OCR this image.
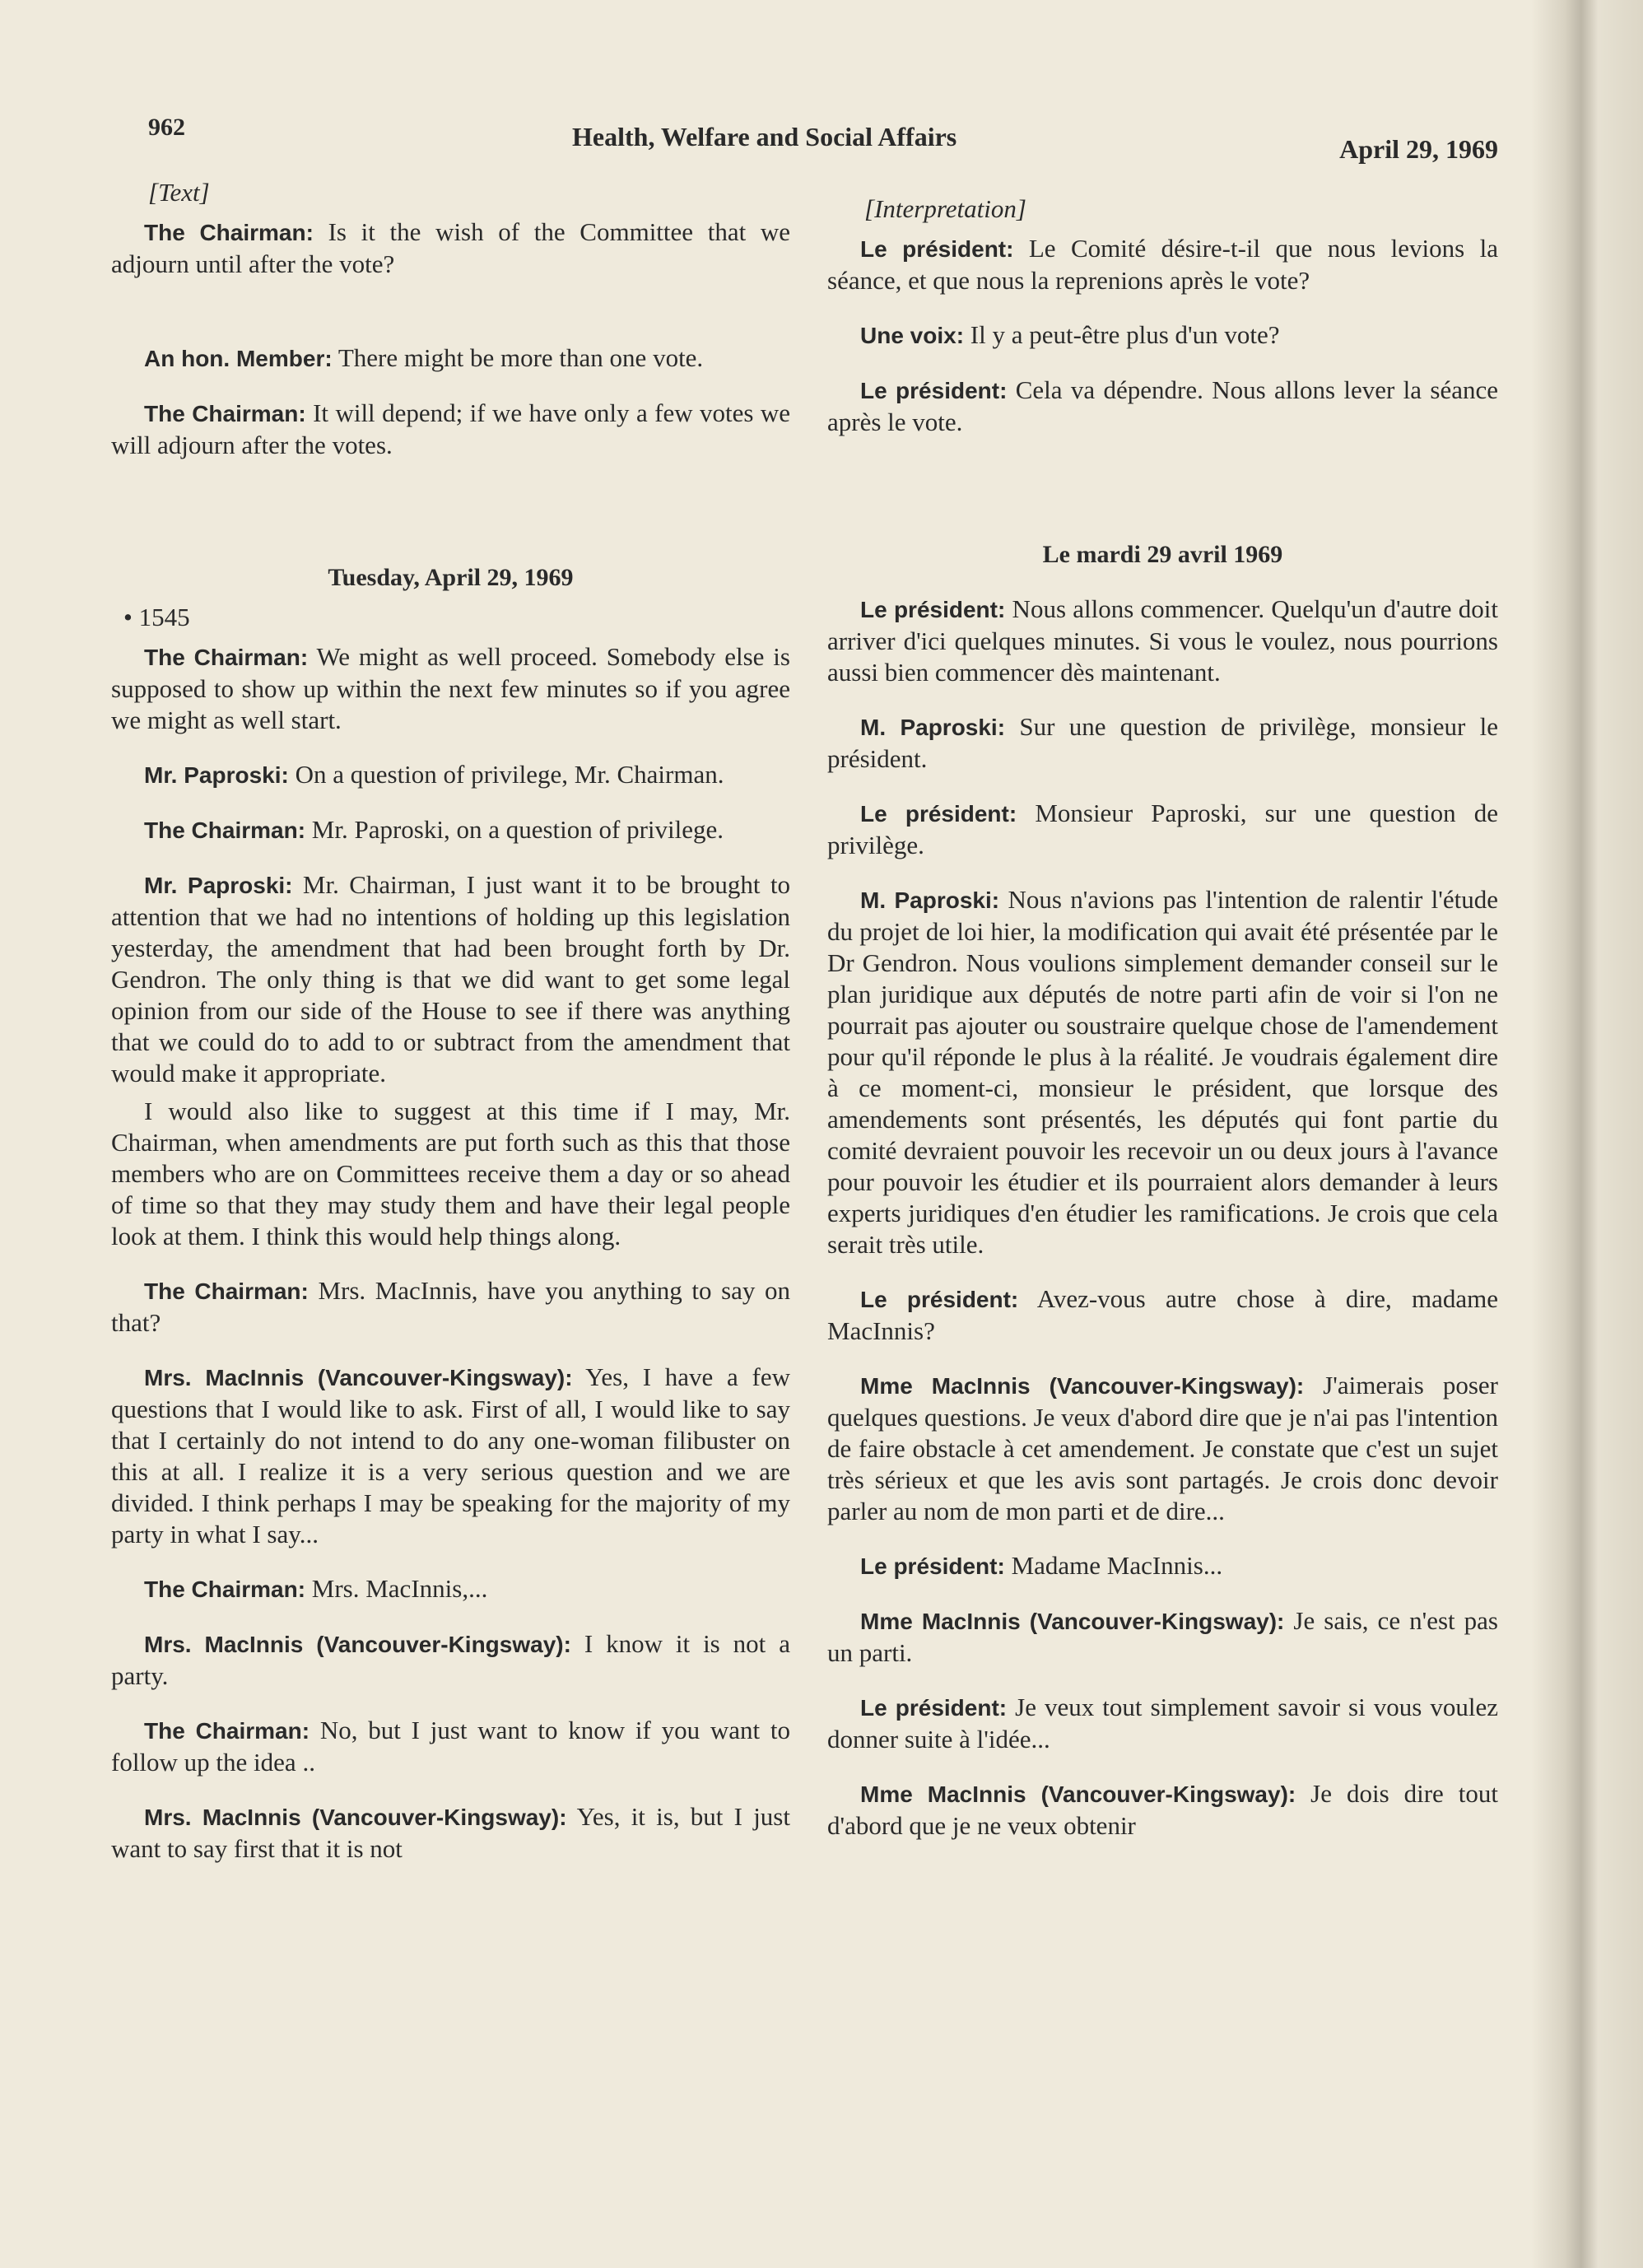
962	Health, Welfare and Social Affairs	April 29, 1969
[Text]

The Chairman: Is it the wish of the Committee that we adjourn until after the vote?

An hon. Member: There might be more than one vote.

The Chairman: It will depend; if we have only a few votes we will adjourn after the votes.

Tuesday, April 29, 1969
• 1545

The Chairman: We might as well proceed. Somebody else is supposed to show up within the next few minutes so if you agree we might as well start.

Mr. Paproski: On a question of privilege, Mr. Chairman.

The Chairman: Mr. Paproski, on a question of privilege.

Mr. Paproski: Mr. Chairman, I just want it to be brought to attention that we had no intentions of holding up this legislation yesterday, the amendment that had been brought forth by Dr. Gendron. The only thing is that we did want to get some legal opinion from our side of the House to see if there was anything that we could do to add to or subtract from the amendment that would make it appropriate.

I would also like to suggest at this time if I may, Mr. Chairman, when amendments are put forth such as this that those members who are on Committees receive them a day or so ahead of time so that they may study them and have their legal people look at them. I think this would help things along.

The Chairman: Mrs. MacInnis, have you anything to say on that?

Mrs. MacInnis (Vancouver-Kingsway): Yes, I have a few questions that I would like to ask. First of all, I would like to say that I certainly do not intend to do any one-woman filibuster on this at all. I realize it is a very serious question and we are divided. I think perhaps I may be speaking for the majority of my party in what I say...

The Chairman: Mrs. MacInnis,...

Mrs. MacInnis (Vancouver-Kingsway): I know it is not a party.

The Chairman: No, but I just want to know if you want to follow up the idea ..

Mrs. MacInnis (Vancouver-Kingsway): Yes, it is, but I just want to say first that it is not

[Interpretation]

Le président: Le Comité désire-t-il que nous levions la séance, et que nous la reprenions après le vote?

Une voix: Il y a peut-être plus d'un vote?

Le président: Cela va dépendre. Nous allons lever la séance après le vote.

Le mardi 29 avril 1969

Le président: Nous allons commencer. Quelqu'un d'autre doit arriver d'ici quelques minutes. Si vous le voulez, nous pourrions aussi bien commencer dès maintenant.

M. Paproski: Sur une question de privilège, monsieur le président.

Le président: Monsieur Paproski, sur une question de privilège.

M. Paproski: Nous n'avions pas l'intention de ralentir l'étude du projet de loi hier, la modification qui avait été présentée par le Dr Gendron. Nous voulions simplement demander conseil sur le plan juridique aux députés de notre parti afin de voir si l'on ne pourrait pas ajouter ou soustraire quelque chose de l'amendement pour qu'il réponde le plus à la réalité. Je voudrais également dire à ce moment-ci, monsieur le président, que lorsque des amendements sont présentés, les députés qui font partie du comité devraient pouvoir les recevoir un ou deux jours à l'avance pour pouvoir les étudier et ils pourraient alors demander à leurs experts juridiques d'en étudier les ramifications. Je crois que cela serait très utile.

Le président: Avez-vous autre chose à dire, madame MacInnis?

Mme MacInnis (Vancouver-Kingsway): J'aimerais poser quelques questions. Je veux d'abord dire que je n'ai pas l'intention de faire obstacle à cet amendement. Je constate que c'est un sujet très sérieux et que les avis sont partagés. Je crois donc devoir parler au nom de mon parti et de dire...

Le président: Madame MacInnis...

Mme MacInnis (Vancouver-Kingsway): Je sais, ce n'est pas un parti.

Le président: Je veux tout simplement savoir si vous voulez donner suite à l'idée...

Mme MacInnis (Vancouver-Kingsway): Je dois dire tout d'abord que je ne veux obtenir
